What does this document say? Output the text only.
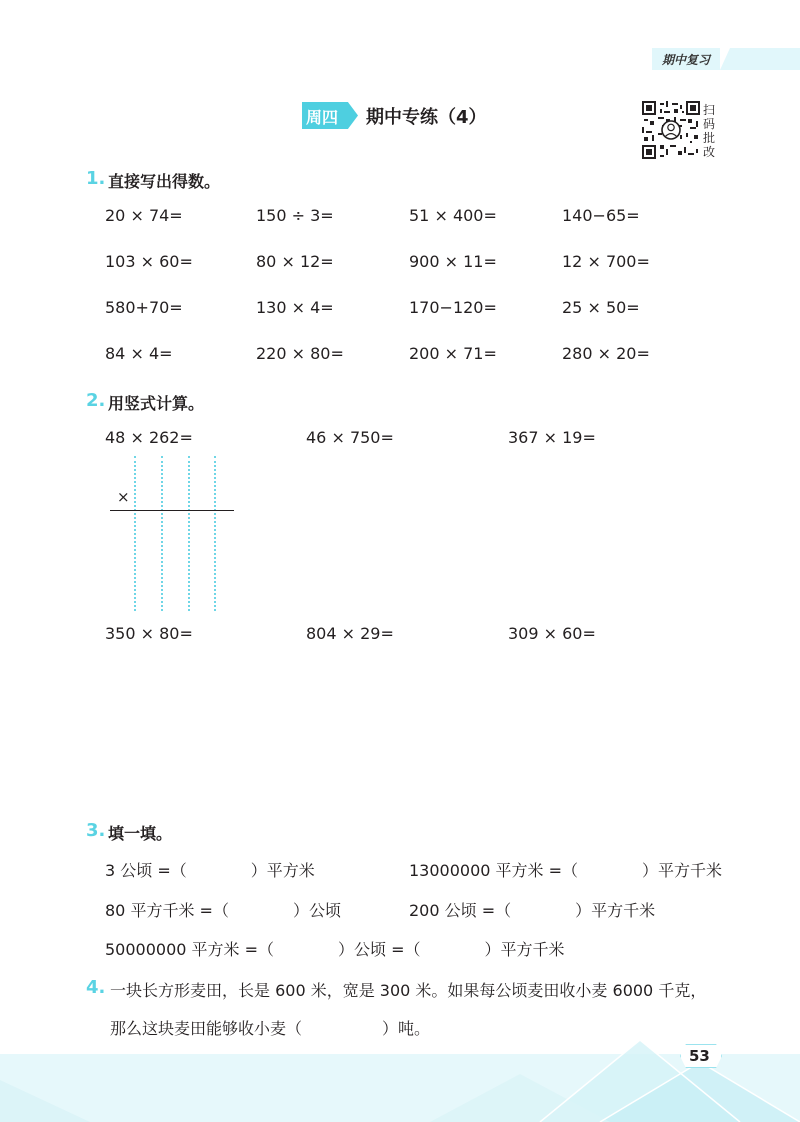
期中复习
周四 期中专练（4）	扫码批改
1. 直接写出得数。
20 × 74=	150 ÷ 3=	51 × 400=	140−65=
103 × 60=	80 × 12=	900 × 11=	12 × 700=
580+70=	130 × 4=	170−120=	25 × 50=
84 × 4=	220 × 80=	200 × 71=	280 × 20=
2. 用竖式计算。
48 × 262=	46 × 750=	367 × 19=
×
350 × 80=	804 × 29=	309 × 60=
3. 填一填。
3 公顷 =（　　　　）平方米	13000000 平方米 =（　　　　）平方千米
80 平方千米 =（　　　　）公顷	200 公顷 =（　　　　）平方千米
50000000 平方米 =（　　　　）公顷 =（　　　　）平方千米
4. 一块长方形麦田，长是 600 米，宽是 300 米。如果每公顷麦田收小麦 6000 千克，
那么这块麦田能够收小麦（　　　　　）吨。
53
